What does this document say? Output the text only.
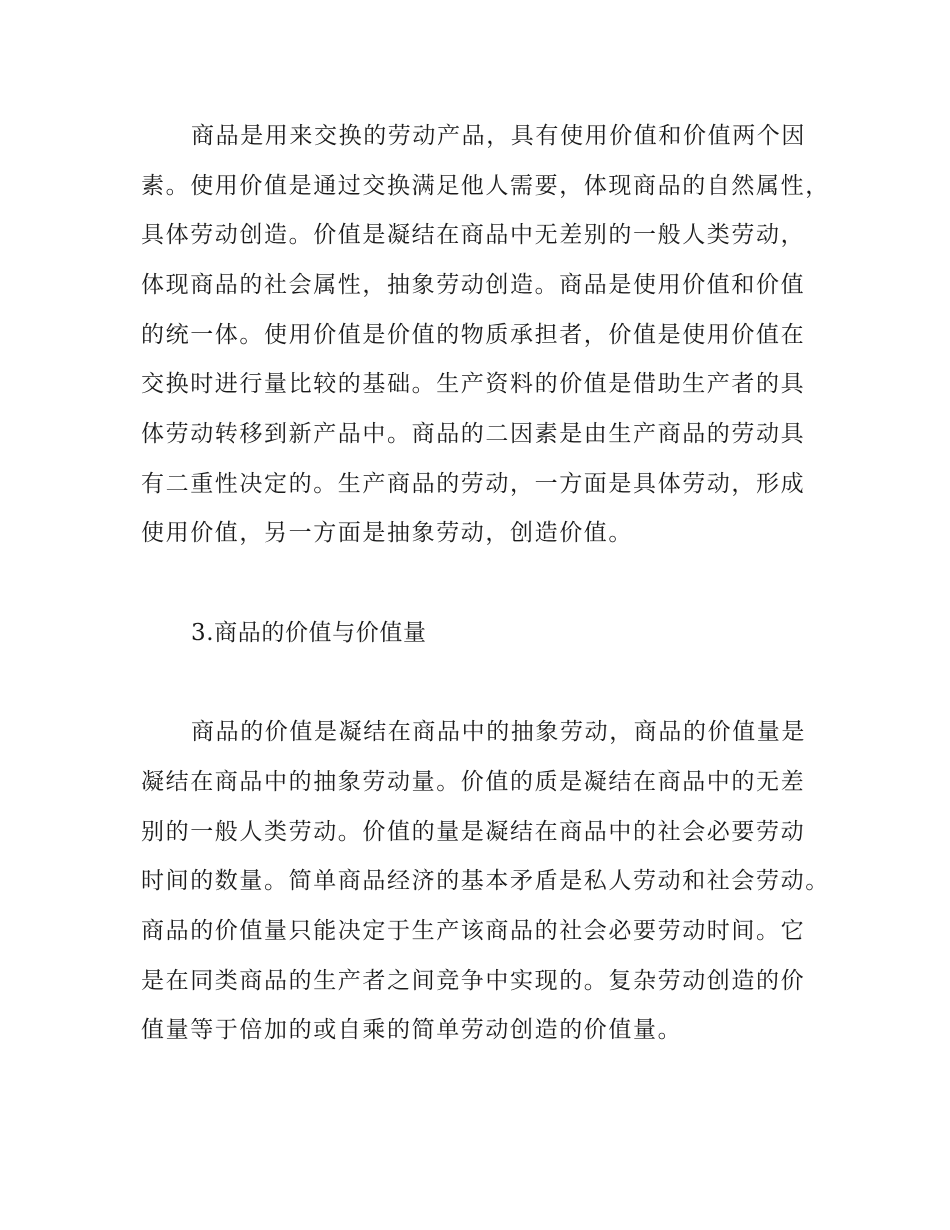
商品是用来交换的劳动产品，具有使用价值和价值两个因
素。使用价值是通过交换满足他人需要，体现商品的自然属性，
具体劳动创造。价值是凝结在商品中无差别的一般人类劳动，
体现商品的社会属性，抽象劳动创造。商品是使用价值和价值
的统一体。使用价值是价值的物质承担者，价值是使用价值在
交换时进行量比较的基础。生产资料的价值是借助生产者的具
体劳动转移到新产品中。商品的二因素是由生产商品的劳动具
有二重性决定的。生产商品的劳动，一方面是具体劳动，形成
使用价值，另一方面是抽象劳动，创造价值。
3.商品的价值与价值量
商品的价值是凝结在商品中的抽象劳动，商品的价值量是
凝结在商品中的抽象劳动量。价值的质是凝结在商品中的无差
别的一般人类劳动。价值的量是凝结在商品中的社会必要劳动
时间的数量。简单商品经济的基本矛盾是私人劳动和社会劳动。
商品的价值量只能决定于生产该商品的社会必要劳动时间。它
是在同类商品的生产者之间竞争中实现的。复杂劳动创造的价
值量等于倍加的或自乘的简单劳动创造的价值量。
